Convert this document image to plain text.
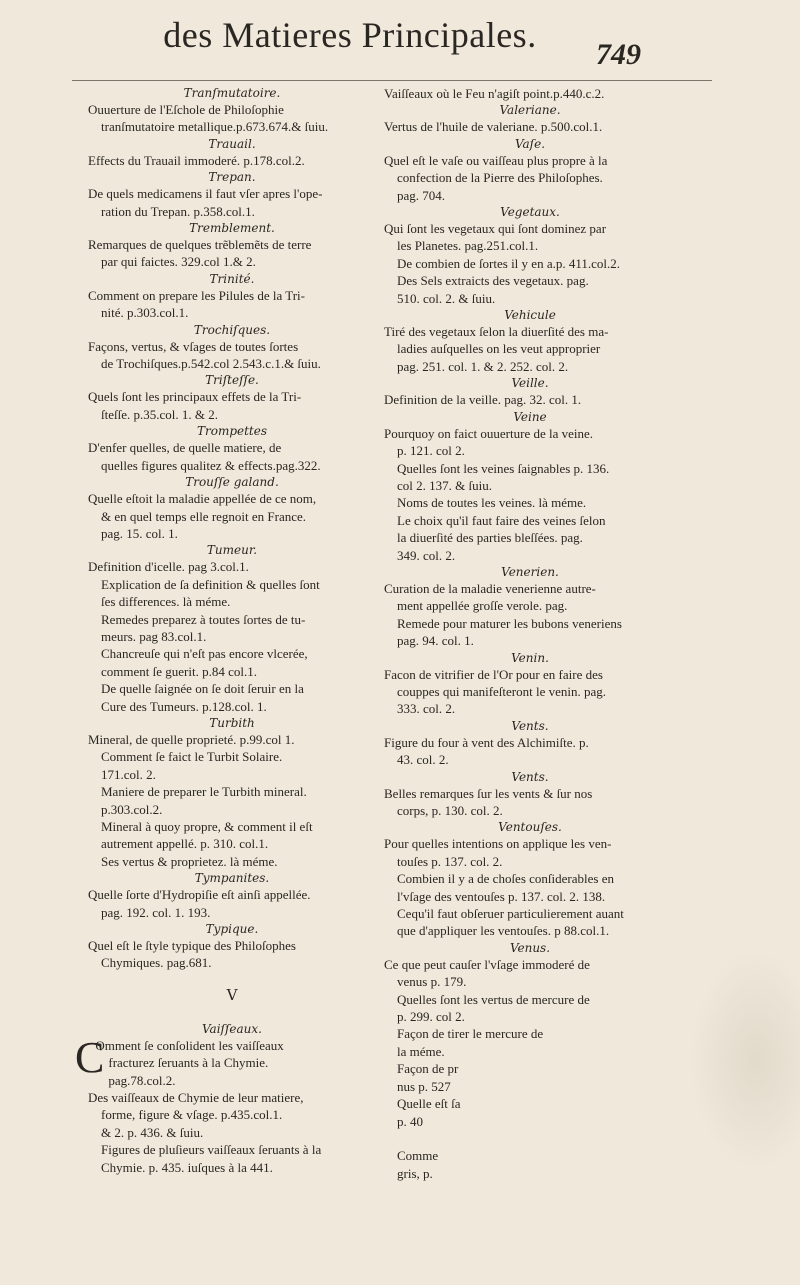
des Matieres Principales.	749
Tranſmutatoire.
Ouuerture de l'Eſchole de Philoſophie
tranſmutatoire metallique.p.673.674.& ſuiu.
Trauail.
Effects du Trauail immoderé. p.178.col.2.
Trepan.
De quels medicamens il faut vſer apres l'ope-
ration du Trepan. p.358.col.1.
Tremblement.
Remarques de quelques trẽblemẽts de terre
par qui faictes. 329.col 1.& 2.
Trinité.
Comment on prepare les Pilules de la Tri-
nité. p.303.col.1.
Trochiſques.
Façons, vertus, & vſages de toutes ſortes
de Trochiſques.p.542.col 2.543.c.1.& ſuiu.
Triſteſſe.
Quels ſont les principaux effets de la Tri-
ſteſſe. p.35.col. 1. & 2.
Trompettes
D'enfer quelles, de quelle matiere, de
quelles figures qualitez & effects.pag.322.
Trouſſe galand.
Quelle eſtoit la maladie appellée de ce nom,
& en quel temps elle regnoit en France.
pag. 15. col. 1.
Tumeur.
Definition d'icelle. pag 3.col.1.
Explication de ſa definition & quelles ſont
ſes differences. là méme.
Remedes preparez à toutes ſortes de tu-
meurs. pag 83.col.1.
Chancreuſe qui n'eſt pas encore vlcerée,
comment ſe guerit. p.84 col.1.
De quelle ſaignée on ſe doit ſeruir en la
Cure des Tumeurs. p.128.col. 1.
Turbith
Mineral, de quelle proprieté. p.99.col 1.
Comment ſe faict le Turbit Solaire.
171.col. 2.
Maniere de preparer le Turbith mineral.
p.303.col.2.
Mineral à quoy propre, & comment il eſt
autrement appellé. p. 310. col.1.
Ses vertus & proprietez. là méme.
Tympanites.
Quelle ſorte d'Hydropiſie eſt ainſi appellée.
pag. 192. col. 1. 193.
Typique.
Quel eſt le ſtyle typique des Philoſophes
Chymiques. pag.681.
V
Vaiſſeaux.
C
Omment ſe conſolident les vaiſſeaux
fracturez ſeruants à la Chymie.
pag.78.col.2.
Des vaiſſeaux de Chymie de leur matiere,
forme, figure & vſage. p.435.col.1.
& 2. p. 436. & ſuiu.
Figures de pluſieurs vaiſſeaux ſeruants à la
Chymie. p. 435. iuſques à la 441.
Vaiſſeaux où le Feu n'agiſt point.p.440.c.2.
Valeriane.
Vertus de l'huile de valeriane. p.500.col.1.
Vaſe.
Quel eſt le vaſe ou vaiſſeau plus propre à la
confection de la Pierre des Philoſophes.
pag. 704.
Vegetaux.
Qui ſont les vegetaux qui ſont dominez par
les Planetes. pag.251.col.1.
De combien de ſortes il y en a.p. 411.col.2.
Des Sels extraicts des vegetaux. pag.
510. col. 2. & ſuiu.
Vehicule
Tiré des vegetaux ſelon la diuerſité des ma-
ladies auſquelles on les veut approprier
pag. 251. col. 1. & 2. 252. col. 2.
Veille.
Definition de la veille. pag. 32. col. 1.
Veine
Pourquoy on faict ouuerture de la veine.
p. 121. col 2.
Quelles ſont les veines ſaignables p. 136.
col 2. 137. & ſuiu.
Noms de toutes les veines. là méme.
Le choix qu'il faut faire des veines ſelon
la diuerſité des parties bleſſées. pag.
349. col. 2.
Venerien.
Curation de la maladie venerienne autre-
ment appellée groſſe verole. pag.
Remede pour maturer les bubons veneriens
pag. 94. col. 1.
Venin.
Facon de vitrifier de l'Or pour en faire des
couppes qui manifeſteront le venin. pag.
333. col. 2.
Vents.
Figure du four à vent des Alchimiſte. p.
43. col. 2.
Vents.
Belles remarques ſur les vents & ſur nos
corps, p. 130. col. 2.
Ventouſes.
Pour quelles intentions on applique les ven-
touſes p. 137. col. 2.
Combien il y a de choſes conſiderables en
l'vſage des ventouſes p. 137. col. 2. 138.
Cequ'il faut obſeruer particulierement auant
que d'appliquer les ventouſes. p 88.col.1.
Venus.
Ce que peut cauſer l'vſage immoderé de
venus p. 179.
Quelles ſont les vertus de mercure de
p. 299. col 2.
Façon de tirer le mercure de
la méme.
Façon de pr
nus p. 527
Quelle eſt ſa
p. 40

Comme
gris, p.
